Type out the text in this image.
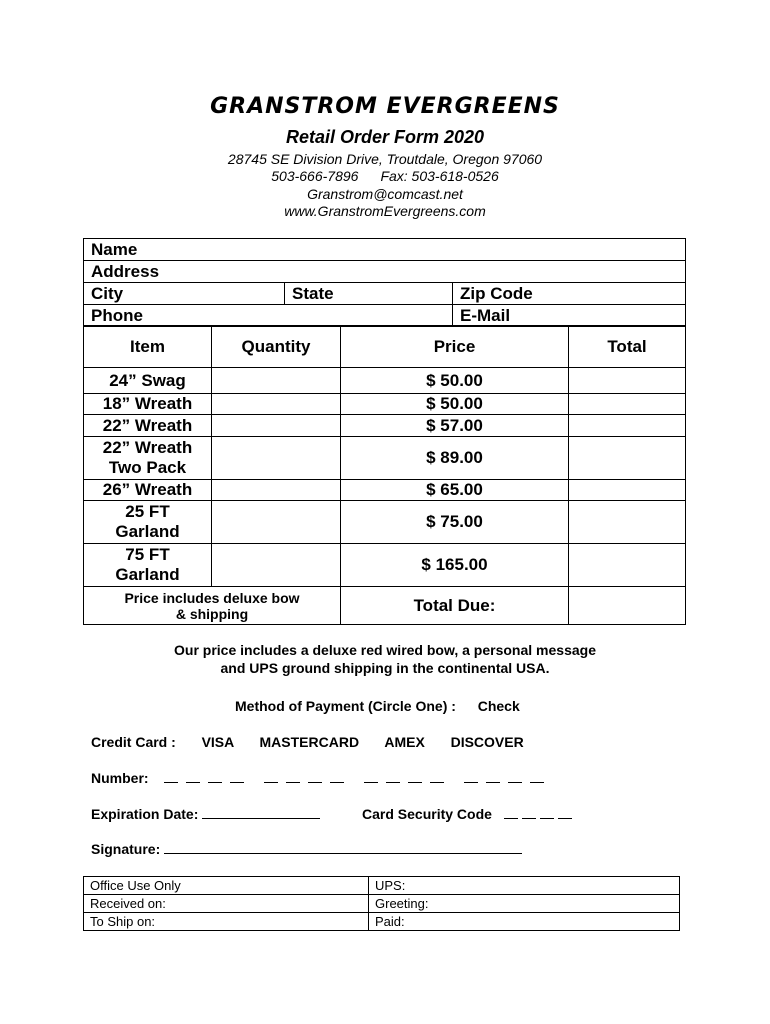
GRANSTROM EVERGREENS
Retail Order Form 2020
28745 SE Division Drive, Troutdale, Oregon 97060
503-666-7896 Fax: 503-618-0526
Granstrom@comcast.net
www.GranstromEvergreens.com
Name		
Address		
City	State	Zip Code
Phone		E-Mail
Item	Quantity	Price	Total
24” Swag		$ 50.00	
18” Wreath		$ 50.00	
22” Wreath		$ 57.00	
22” Wreath
Two Pack		$ 89.00	
26” Wreath		$ 65.00	
25 FT
Garland		$ 75.00	
75 FT
Garland		$ 165.00	
Price includes deluxe bow
& shipping		Total Due:	
Our price includes a deluxe red wired bow, a personal message
and UPS ground shipping in the continental USA.
Method of Payment (Circle One) : Check
Credit Card : VISA MASTERCARD AMEX DISCOVER
Number:
Expiration Date:	Card Security Code
Signature:
Office Use Only	UPS:
Received on:	Greeting:
To Ship on:	Paid:
